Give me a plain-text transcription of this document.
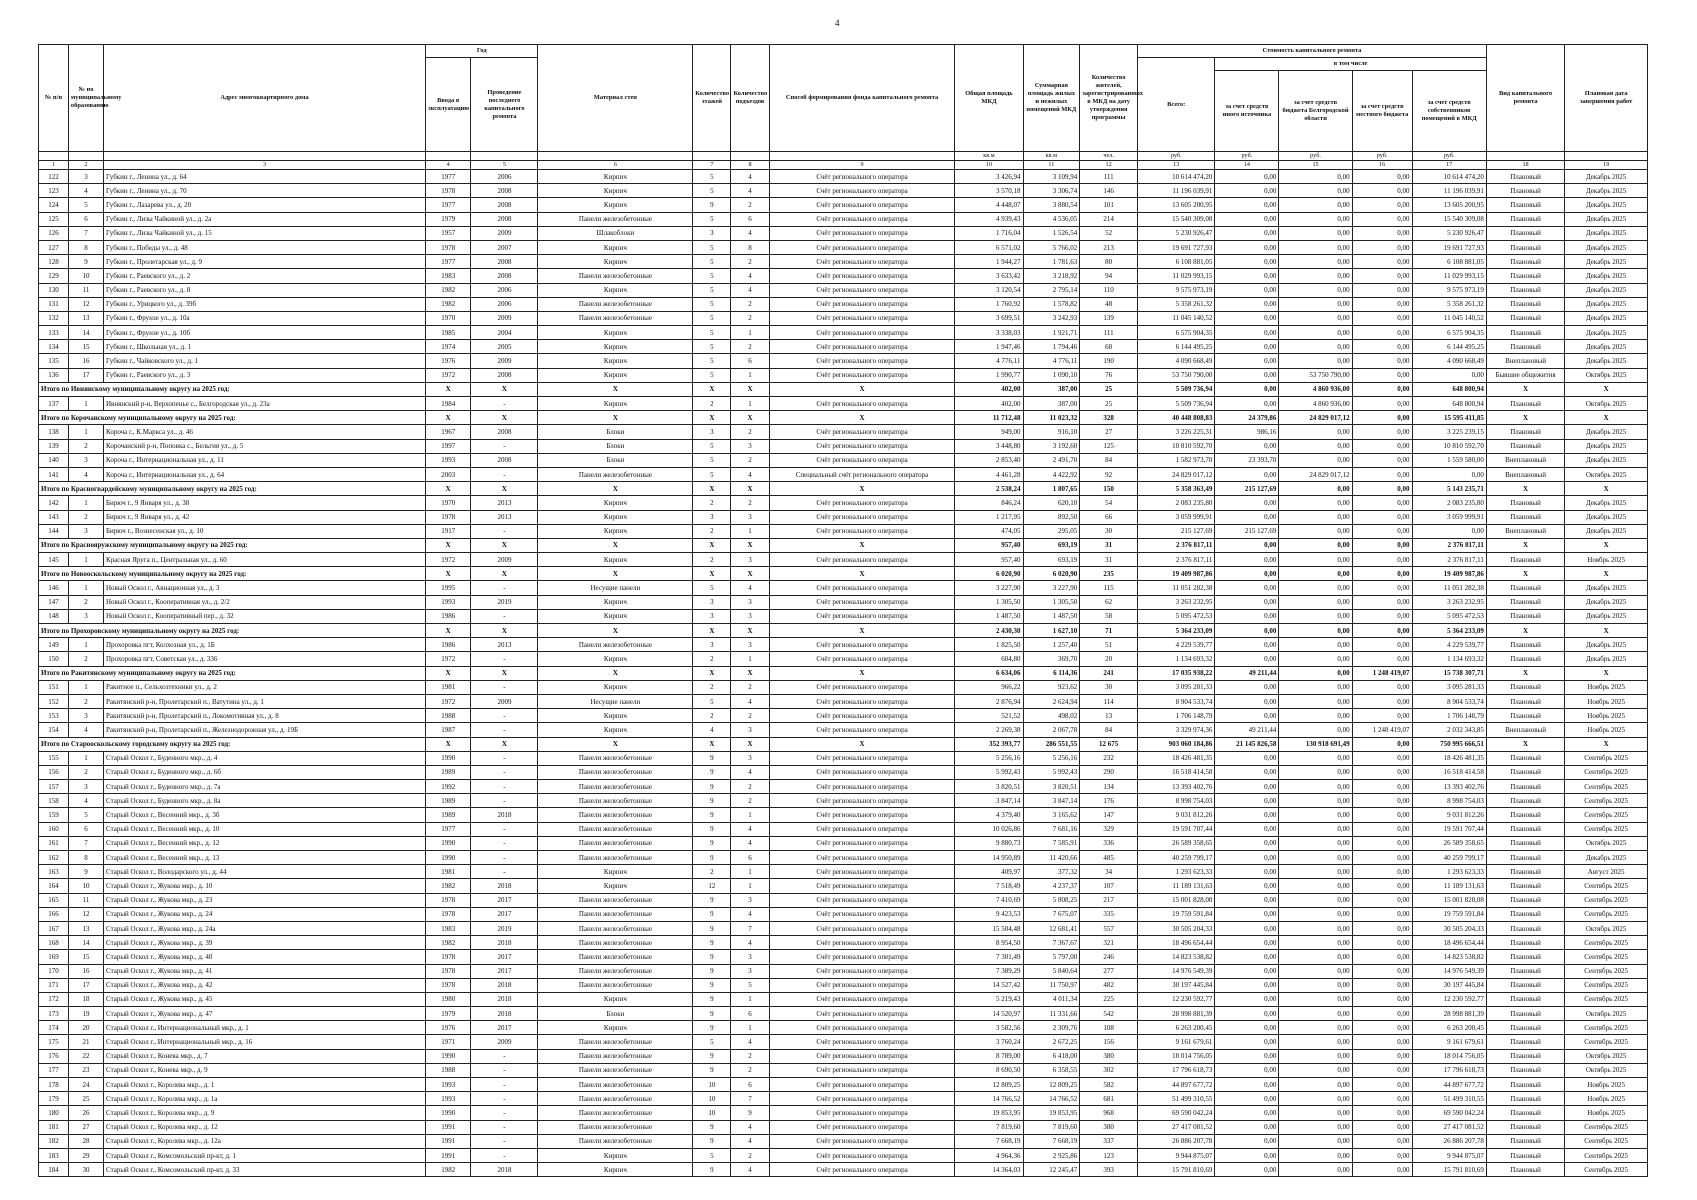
4
№ п/п	№ по муниципальному образованию	Адрес многоквартирного дома	Год		Материал стен	Количество этажей	Количество подъездов	Способ формирования фонда капитального ремонта	Общая площадь МКД	Суммарная площадь жилых и нежилых помещений МКД	Количество жителей, зарегистрированных в МКД на дату утверждения программы	Стоимость капитального ремонта					Вид капитального ремонта	Плановая дата завершения работ
			Ввода в эксплуатацию	Проведение последнего капитального ремонта								Всего:	в том числе					
													за счет средств иного источника	за счет средств бюджета Белгородской области	за счет средств местного бюджета	за счет средств собственников помещений в МКД		
									кв.м	кв.м	чел.	руб.	руб.	руб.	руб.	руб.		
1	2	3	4	5	6	7	8	9	10	11	12	13	14	15	16	17	18	19
122	3	Губкин г., Ленина ул., д. 64	1977	2006	Кирпич	5	4	Счёт регионального оператора	3 426,94	3 109,94	111	10 614 474,20	0,00	0,00	0,00	10 614 474,20	Плановый	Декабрь 2025
123	4	Губкин г., Ленина ул., д. 70	1978	2008	Кирпич	5	4	Счёт регионального оператора	3 570,18	3 306,74	146	11 196 039,91	0,00	0,00	0,00	11 196 039,91	Плановый	Декабрь 2025
124	5	Губкин г., Лазарева ул., д. 20	1977	2008	Кирпич	9	2	Счёт регионального оператора	4 448,07	3 880,54	101	13 605 200,95	0,00	0,00	0,00	13 605 200,95	Плановый	Декабрь 2025
125	6	Губкин г., Лизы Чайкиной ул., д. 2а	1979	2008	Панели железобетонные	5	6	Счёт регионального оператора	4 939,43	4 536,05	214	15 540 309,08	0,00	0,00	0,00	15 540 309,08	Плановый	Декабрь 2025
126	7	Губкин г., Лизы Чайкиной ул., д. 15	1957	2009	Шлакоблоки	3	4	Счёт регионального оператора	1 716,04	1 526,54	52	5 230 926,47	0,00	0,00	0,00	5 230 926,47	Плановый	Декабрь 2025
127	8	Губкин г., Победы ул., д. 48	1978	2007	Кирпич	5	8	Счёт регионального оператора	6 571,02	5 766,02	213	19 691 727,93	0,00	0,00	0,00	19 691 727,93	Плановый	Декабрь 2025
128	9	Губкин г., Пролетарская ул., д. 9	1977	2008	Кирпич	5	2	Счёт регионального оператора	1 944,27	1 781,63	80	6 108 881,05	0,00	0,00	0,00	6 108 881,05	Плановый	Декабрь 2025
129	10	Губкин г., Раевского ул., д. 2	1983	2008	Панели железобетонные	5	4	Счёт регионального оператора	3 633,42	3 218,92	94	11 029 993,15	0,00	0,00	0,00	11 029 993,15	Плановый	Декабрь 2025
130	11	Губкин г., Раевского ул., д. 8	1982	2006	Кирпич	5	4	Счёт регионального оператора	3 120,54	2 795,14	110	9 575 973,19	0,00	0,00	0,00	9 575 973,19	Плановый	Декабрь 2025
131	12	Губкин г., Урицкого ул., д. 39б	1982	2006	Панели железобетонные	5	2	Счёт регионального оператора	1 760,92	1 578,82	48	5 358 261,32	0,00	0,00	0,00	5 358 261,32	Плановый	Декабрь 2025
132	13	Губкин г., Фрунзе ул., д. 10а	1970	2009	Панели железобетонные	5	2	Счёт регионального оператора	3 699,51	3 242,93	139	11 045 140,52	0,00	0,00	0,00	11 045 140,52	Плановый	Декабрь 2025
133	14	Губкин г., Фрунзе ул., д. 10б	1985	2004	Кирпич	5	1	Счёт регионального оператора	3 338,03	1 921,71	111	6 575 904,35	0,00	0,00	0,00	6 575 904,35	Плановый	Декабрь 2025
134	15	Губкин г., Школьная ул., д. 1	1974	2005	Кирпич	5	2	Счёт регионального оператора	1 947,46	1 794,46	68	6 144 495,25	0,00	0,00	0,00	6 144 495,25	Плановый	Декабрь 2025
135	16	Губкин г., Чайковского ул., д. 1	1976	2009	Кирпич	5	6	Счёт регионального оператора	4 776,11	4 776,11	190	4 090 668,49	0,00	0,00	0,00	4 090 668,49	Внеплановый	Декабрь 2025
136	17	Губкин г., Раевского ул., д. 3	1972	2008	Кирпич	5	1	Счёт регионального оператора	1 990,77	1 090,10	76	53 750 790,00	0,00	53 750 790,00	0,00	0,00	Бывшие общежития	Октябрь 2025
Итого по Ивнянскому муниципальному округу на 2025 год:			X	X	X	X	X	X	402,00	387,00	25	5 509 736,94	0,00	4 860 936,00	0,00	648 800,94	X	X
137	1	Ивнянский р-н, Верхопенье с., Белгородская ул., д. 23а	1984	-	Кирпич	2	1	Счёт регионального оператора	402,00	387,00	25	5 509 736,94	0,00	4 860 936,00	0,00	648 800,94	Плановый	Октябрь 2025
Итого по Корочанскому муниципальному округу на 2025 год:			X	X	X	X	X	X	11 712,48	11 023,32	328	40 448 808,83	24 379,86	24 829 017,12	0,00	15 595 411,85	X	X
138	1	Короча г., К.Маркса ул., д. 46	1967	2008	Блоки	3	2	Счёт регионального оператора	949,00	916,10	27	3 226 225,31	986,16	0,00	0,00	3 225 239,15	Плановый	Декабрь 2025
139	2	Корочанский р-н, Поповка с., Бельгия ул., д. 5	1997	-	Блоки	5	3	Счёт регионального оператора	3 448,80	3 192,60	125	10 810 592,70	0,00	0,00	0,00	10 810 592,70	Плановый	Декабрь 2025
140	3	Короча г., Интернациональная ул., д. 11	1993	2008	Блоки	5	2	Счёт регионального оператора	2 853,40	2 491,70	84	1 582 973,70	23 393,70	0,00	0,00	1 559 580,00	Внеплановый	Декабрь 2025
141	4	Короча г., Интернациональная ул., д. 64	2003	-	Панели железобетонные	5	4	Специальный счёт регионального оператора	4 461,28	4 422,92	92	24 829 017,12	0,00	24 829 017,12	0,00	0,00	Внеплановый	Октябрь 2025
Итого по Красногвардейскому муниципальному округу на 2025 год:			X	X	X	X	X	X	2 538,24	1 807,65	150	5 358 363,49	215 127,69	0,00	0,00	5 143 235,71	X	X
142	1	Бирюч г., 9 Января ул., д. 38	1970	2013	Кирпич	2	2	Счёт регионального оператора	846,24	620,10	54	2 083 235,80	0,00	0,00	0,00	2 083 235,80	Плановый	Декабрь 2025
143	2	Бирюч г., 9 Января ул., д. 42	1978	2013	Кирпич	3	3	Счёт регионального оператора	1 217,95	892,50	66	3 059 999,91	0,00	0,00	0,00	3 059 999,91	Плановый	Декабрь 2025
144	3	Бирюч г., Вознесенская ул., д. 10	1917	-	Кирпич	2	1	Счёт регионального оператора	474,05	295,05	30	215 127,69	215 127,69	0,00	0,00	0,00	Внеплановый	Декабрь 2025
Итого по Краснояружскому муниципальному округу на 2025 год:			X	X	X	X	X	X	957,40	693,19	31	2 376 817,11	0,00	0,00	0,00	2 376 817,11	X	X
145	1	Красная Яруга п., Центральная ул., д. 60	1972	2009	Кирпич	2	3	Счёт регионального оператора	957,40	693,19	31	2 376 817,11	0,00	0,00	0,00	2 376 817,11	Плановый	Ноябрь 2025
Итого по Новооскольскому муниципальному округу на 2025 год:			X	X	X	X	X	X	6 020,90	6 020,90	235	19 409 987,86	0,00	0,00	0,00	19 409 987,86	X	X
146	1	Новый Оскол г., Авиационная ул., д. 3	1995	-	Несущие панели	5	4	Счёт регионального оператора	3 227,90	3 227,90	115	11 051 282,38	0,00	0,00	0,00	11 051 282,38	Плановый	Декабрь 2025
147	2	Новый Оскол г., Кооперативная ул., д. 2/2	1993	2019	Кирпич	3	3	Счёт регионального оператора	1 305,50	1 305,50	62	3 263 232,95	0,00	0,00	0,00	3 263 232,95	Плановый	Декабрь 2025
148	3	Новый Оскол г., Кооперативный пер., д. 32	1986	-	Кирпич	3	3	Счёт регионального оператора	1 487,50	1 487,50	58	5 095 472,53	0,00	0,00	0,00	5 095 472,53	Плановый	Декабрь 2025
Итого по Прохоровскому муниципальному округу на 2025 год:			X	X	X	X	X	X	2 430,30	1 627,10	71	5 364 233,09	0,00	0,00	0,00	5 364 233,09	X	X
149	1	Прохоровка пгт, Колхозная ул., д. 1Б	1986	2013	Панели железобетонные	3	3	Счёт регионального оператора	1 825,50	1 257,40	51	4 229 539,77	0,00	0,00	0,00	4 229 539,77	Плановый	Декабрь 2025
150	2	Прохоровка пгт, Советская ул., д. 336	1972	-	Кирпич	2	1	Счёт регионального оператора	604,80	369,70	20	1 134 693,32	0,00	0,00	0,00	1 134 693,32	Плановый	Декабрь 2025
Итого по Ракитянскому муниципальному округу на 2025 год:			X	X	X	X	X	X	6 634,06	6 114,36	241	17 035 938,22	49 211,44	0,00	1 248 419,07	15 738 307,71	X	X
151	1	Ракитное п., Сельхозтехники ул., д. 2	1981	-	Кирпич	2	2	Счёт регионального оператора	966,22	923,62	30	3 095 281,33	0,00	0,00	0,00	3 095 281,33	Плановый	Ноябрь 2025
152	2	Ракитянский р-н, Пролетарский п., Ватутина ул., д. 1	1972	2009	Несущие панели	5	4	Счёт регионального оператора	2 876,94	2 624,94	114	8 904 533,74	0,00	0,00	0,00	8 904 533,74	Плановый	Ноябрь 2025
153	3	Ракитянский р-н, Пролетарский п., Локомотивная ул., д. 8	1988	-	Кирпич	2	2	Счёт регионального оператора	521,52	498,02	13	1 706 148,79	0,00	0,00	0,00	1 706 148,79	Плановый	Ноябрь 2025
154	4	Ракитянский р-н, Пролетарский п., Железнодорожная ул., д. 19Б	1987	-	Кирпич	4	3	Счёт регионального оператора	2 269,38	2 067,78	84	3 329 974,36	49 211,44	0,00	1 248 419,07	2 032 343,85	Внеплановый	Ноябрь 2025
Итого по Старооскольскому городскому округу на 2025 год:			X	X	X	X	X	X	352 393,77	286 551,55	12 675	903 060 184,86	21 145 826,58	130 918 691,49	0,00	750 995 666,51	X	X
155	1	Старый Оскол г., Буденного мкр., д. 4	1990	-	Панели железобетонные	9	3	Счёт регионального оператора	5 256,16	5 256,16	232	18 426 481,35	0,00	0,00	0,00	18 426 481,35	Плановый	Сентябрь 2025
156	2	Старый Оскол г., Буденного мкр., д. 6б	1989	-	Панели железобетонные	9	4	Счёт регионального оператора	5 992,43	5 992,43	290	16 518 414,58	0,00	0,00	0,00	16 518 414,58	Плановый	Сентябрь 2025
157	3	Старый Оскол г., Буденного мкр., д. 7а	1992	-	Панели железобетонные	9	2	Счёт регионального оператора	3 820,51	3 820,51	134	13 393 402,76	0,00	0,00	0,00	13 393 402,76	Плановый	Сентябрь 2025
158	4	Старый Оскол г., Буденного мкр., д. 8а	1989	-	Панели железобетонные	9	2	Счёт регионального оператора	3 847,14	3 847,14	176	8 998 754,03	0,00	0,00	0,00	8 998 754,03	Плановый	Сентябрь 2025
159	5	Старый Оскол г., Весенний мкр., д. 3б	1989	2018	Панели железобетонные	9	1	Счёт регионального оператора	4 379,40	3 165,62	147	9 031 812,26	0,00	0,00	0,00	9 031 812,26	Плановый	Сентябрь 2025
160	6	Старый Оскол г., Весенний мкр., д. 10	1977	-	Панели железобетонные	9	4	Счёт регионального оператора	10 026,86	7 681,16	329	19 591 707,44	0,00	0,00	0,00	19 591 707,44	Плановый	Сентябрь 2025
161	7	Старый Оскол г., Весенний мкр., д. 12	1990	-	Панели железобетонные	9	4	Счёт регионального оператора	9 880,73	7 585,91	336	26 589 358,65	0,00	0,00	0,00	26 589 358,65	Плановый	Октябрь 2025
162	8	Старый Оскол г., Весенний мкр., д. 13	1990	-	Панели железобетонные	9	6	Счёт регионального оператора	14 950,89	11 420,66	485	40 259 799,17	0,00	0,00	0,00	40 259 799,17	Плановый	Декабрь 2025
163	9	Старый Оскол г., Володарского ул., д. 44	1981	-	Кирпич	2	1	Счёт регионального оператора	409,97	377,32	34	1 293 623,33	0,00	0,00	0,00	1 293 623,33	Плановый	Август 2025
164	10	Старый Оскол г., Жукова мкр., д. 10	1982	2018	Кирпич	12	1	Счёт регионального оператора	7 518,49	4 237,37	107	11 189 131,63	0,00	0,00	0,00	11 189 131,63	Плановый	Сентябрь 2025
165	11	Старый Оскол г., Жукова мкр., д. 23	1978	2017	Панели железобетонные	9	3	Счёт регионального оператора	7 410,69	5 808,25	217	15 001 828,08	0,00	0,00	0,00	15 001 828,08	Плановый	Сентябрь 2025
166	12	Старый Оскол г., Жукова мкр., д. 24	1978	2017	Панели железобетонные	9	4	Счёт регионального оператора	9 423,53	7 675,07	335	19 759 591,84	0,00	0,00	0,00	19 759 591,84	Плановый	Сентябрь 2025
167	13	Старый Оскол г., Жукова мкр., д. 24а	1983	2019	Панели железобетонные	9	7	Счёт регионального оператора	15 504,48	12 681,41	557	30 505 204,33	0,00	0,00	0,00	30 505 204,33	Плановый	Октябрь 2025
168	14	Старый Оскол г., Жукова мкр., д. 39	1982	2018	Панели железобетонные	9	4	Счёт регионального оператора	8 954,50	7 367,67	321	18 496 654,44	0,00	0,00	0,00	18 496 654,44	Плановый	Сентябрь 2025
169	15	Старый Оскол г., Жукова мкр., д. 40	1978	2017	Панели железобетонные	9	3	Счёт регионального оператора	7 301,49	5 797,00	246	14 823 538,82	0,00	0,00	0,00	14 823 538,82	Плановый	Сентябрь 2025
170	16	Старый Оскол г., Жукова мкр., д. 41	1978	2017	Панели железобетонные	9	3	Счёт регионального оператора	7 389,29	5 840,64	277	14 976 549,39	0,00	0,00	0,00	14 976 549,39	Плановый	Сентябрь 2025
171	17	Старый Оскол г., Жукова мкр., д. 42	1978	2018	Панели железобетонные	9	5	Счёт регионального оператора	14 527,42	11 750,97	482	30 197 445,84	0,00	0,00	0,00	30 197 445,84	Плановый	Сентябрь 2025
172	18	Старый Оскол г., Жукова мкр., д. 45	1980	2018	Кирпич	9	1	Счёт регионального оператора	5 219,43	4 011,34	225	12 230 592,77	0,00	0,00	0,00	12 230 592,77	Плановый	Сентябрь 2025
173	19	Старый Оскол г., Жукова мкр., д. 47	1979	2018	Блоки	9	6	Счёт регионального оператора	14 520,97	11 331,66	542	28 998 881,39	0,00	0,00	0,00	28 998 881,39	Плановый	Октябрь 2025
174	20	Старый Оскол г., Интернациональный мкр., д. 1	1976	2017	Кирпич	9	1	Счёт регионального оператора	3 582,56	2 309,76	108	6 263 200,45	0,00	0,00	0,00	6 263 200,45	Плановый	Сентябрь 2025
175	21	Старый Оскол г., Интернациональный мкр., д. 16	1971	2009	Панели железобетонные	5	4	Счёт регионального оператора	3 760,24	2 672,25	156	9 161 679,61	0,00	0,00	0,00	9 161 679,61	Плановый	Сентябрь 2025
176	22	Старый Оскол г., Конева мкр., д. 7	1990	-	Панели железобетонные	9	2	Счёт регионального оператора	8 789,00	6 418,00	380	18 014 756,05	0,00	0,00	0,00	18 014 756,05	Плановый	Октябрь 2025
177	23	Старый Оскол г., Конева мкр., д. 9	1988	-	Панели железобетонные	9	2	Счёт регионального оператора	8 690,50	6 358,55	302	17 796 618,73	0,00	0,00	0,00	17 796 618,73	Плановый	Октябрь 2025
178	24	Старый Оскол г., Королева мкр., д. 1	1993	-	Панели железобетонные	10	6	Счёт регионального оператора	12 809,25	12 809,25	582	44 897 677,72	0,00	0,00	0,00	44 897 677,72	Плановый	Ноябрь 2025
179	25	Старый Оскол г., Королева мкр., д. 1а	1993	-	Панели железобетонные	10	7	Счёт регионального оператора	14 766,52	14 766,52	681	51 499 310,55	0,00	0,00	0,00	51 499 310,55	Плановый	Ноябрь 2025
180	26	Старый Оскол г., Королева мкр., д. 9	1990	-	Панели железобетонные	10	9	Счёт регионального оператора	19 853,95	19 853,95	968	69 590 042,24	0,00	0,00	0,00	69 590 042,24	Плановый	Ноябрь 2025
181	27	Старый Оскол г., Королева мкр., д. 12	1991	-	Панели железобетонные	9	4	Счёт регионального оператора	7 819,60	7 819,60	380	27 417 081,52	0,00	0,00	0,00	27 417 081,52	Плановый	Сентябрь 2025
182	28	Старый Оскол г., Королева мкр., д. 12а	1991	-	Панели железобетонные	9	4	Счёт регионального оператора	7 668,19	7 668,19	337	26 886 207,78	0,00	0,00	0,00	26 886 207,78	Плановый	Сентябрь 2025
183	29	Старый Оскол г., Комсомольский пр-кт, д. 1	1991	-	Кирпич	5	2	Счёт регионального оператора	4 964,36	2 925,86	123	9 944 875,07	0,00	0,00	0,00	9 944 875,07	Плановый	Сентябрь 2025
184	30	Старый Оскол г., Комсомольский пр-кт, д. 33	1982	2018	Кирпич	9	4	Счёт регионального оператора	14 364,03	12 245,47	393	15 791 810,69	0,00	0,00	0,00	15 791 810,69	Плановый	Сентябрь 2025
